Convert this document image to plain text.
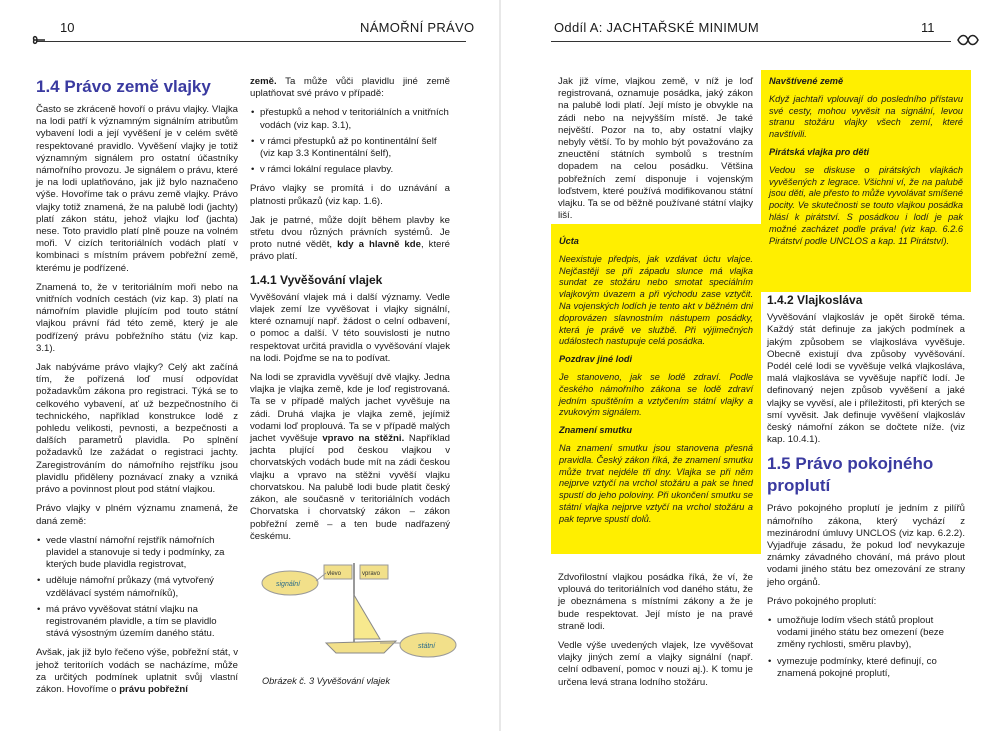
10	NÁMOŘNÍ PRÁVO
1.4 Právo země vlajky

Často se zkráceně hovoří o právu vlajky. Vlajka na lodi patří k významným signálním atributům vybavení lodi a její vyvěšení je v celém světě respektované pravidlo. Vyvěšení vlajky je totiž významným signálem pro ostatní účastníky námořního provozu. Je signálem o právu, které je na lodi uplatňováno, jak již bylo naznačeno výše. Hovoříme tak o právu země vlajky. Právo vlajky totiž znamená, že na palubě lodi (jachty) platí zákon státu, jehož vlajku loď (jachta) nese. Toto pravidlo platí plně pouze na volném moři. V cizích teritoriálních vodách platí v kombinaci s místním právem pobřežní země, kterému je podřízené.

Znamená to, že v teritoriálním moři nebo na vnitřních vodních cestách (viz kap. 3) platí na námořním plavidle plujícím pod touto státní vlajkou právní řád této země, který je ale podřízený právu pobřežního státu (viz kap. 3.1).

Jak nabýváme právo vlajky? Celý akt začíná tím, že pořízená loď musí odpovídat požadavkům zákona pro registraci. Týká se to celkového vybavení, ať už bezpečnostního či technického, například konstrukce lodě z pohledu velikosti, pevnosti, a bezpečnosti a dalších parametrů plavidla. Po splnění požadavků lze zažádat o registraci jachty. Zaregistrováním do námořního rejstříku jsou plavidlu přiděleny poznávací znaky a vzniká právo a povinnost plout pod státní vlajkou.

Právo vlajky v plném významu znamená, že daná země:

• vede vlastní námořní rejstřík námořních plavidel a stanovuje si tedy i podmínky, za kterých bude plavidla registrovat,
• uděluje námořní průkazy (má vytvořený vzdělávací systém námořníků),
• má právo vyvěšovat státní vlajku na registrovaném plavidle, a tím se plavidlo stává výsostným územím daného státu.

Avšak, jak již bylo řečeno výše, pobřežní stát, v jehož teritoriích vodách se nacházíme, může za určitých podmínek uplatnit svůj vlastní zákon. Hovoříme o právu pobřežní

země. Ta může vůči plavidlu jiné země uplatňovat své právo v případě:

• přestupků a nehod v teritoriálních a vnitřních vodách (viz kap. 3.1),
• v rámci přestupků až po kontinentální šelf (viz kap 3.3 Kontinentální šelf),
• v rámci lokální regulace plavby.

Právo vlajky se promítá i do uznávání a platnosti průkazů (viz kap. 1.6).

Jak je patrné, může dojít během plavby ke střetu dvou různých právních systémů. Je proto nutné vědět, kdy a hlavně kde, které právo platí.

1.4.1 Vyvěšování vlajek

Vyvěšování vlajek má i další významy. Vedle vlajek zemí lze vyvěšovat i vlajky signální, které oznamují např. žádost o celní odbavení, o pomoc a další. V této souvislosti je nutno respektovat určitá pravidla o vyvěšování vlajek na lodi. Pojďme se na to podívat.

Na lodi se zpravidla vyvěšují dvě vlajky. Jedna vlajka je vlajka země, kde je loď registrovaná. Ta se v případě malých jachet vyvěšuje na zádi. Druhá vlajka je vlajka země, jejímiž vodami loď proplouvá. Ta se v případě malých jachet vyvěšuje vpravo na stěžni. Například jachta plující pod českou vlajkou v chorvatských vodách bude mít na zádi českou vlajku a vpravo na stěžni vyvěší vlajku chorvatskou. Na palubě lodi bude platit český zákon, ale současně v teritoriálních vodách Chorvatska i chorvatský zákon – zákon pobřežní země – a ten bude nadřazený českému.

vlevo	vpravo
signální
státní
Obrázek č. 3 Vyvěšování vlajek
Oddíl A: JACHTAŘSKÉ MINIMUM	11

Jak již víme, vlajkou země, v níž je loď registrovaná, oznamuje posádka, jaký zákon na palubě lodi platí. Její místo je obvykle na zádi nebo na nejvyšším místě. Je také nejvěští. Pozor na to, aby ostatní vlajky nebyly větší. To by mohlo být považováno za zneuctění státních symbolů s trestním dopadem na celou posádku. Většina pobřežních zemí disponuje i vojenským loďstvem, které používá modifikovanou státní vlajku. Ta se od běžně používané státní vlajky liší.

Úcta

Neexistuje předpis, jak vzdávat úctu vlajce. Nejčastěji se při západu slunce má vlajka sundat ze stožáru nebo smotat speciálním vlajkovým úvazem a při východu zase vztyčit. Na vojenských lodích je tento akt v běžném dni doprovázen slavnostním nástupem posádky, která je právě ve službě. Při výjimečných událostech nastupuje celá posádka.

Pozdrav jiné lodi

Je stanoveno, jak se lodě zdraví. Podle českého námořního zákona se lodě zdraví jedním spuštěním a vztyčením státní vlajky a zvukovým signálem.

Znamení smutku

Na znamení smutku jsou stanovena přesná pravidla. Český zákon říká, že znamení smutku může trvat nejdéle tři dny. Vlajka se při něm nejprve vztyčí na vrchol stožáru a pak se hned spustí do jeho poloviny. Při ukončení smutku se státní vlajka nejprve vztyčí na vrchol stožáru a pak teprve spustí dolů.

Zdvořilostní vlajkou posádka říká, že ví, že vplouvá do teritoriálních vod daného státu, že je obeznámena s místními zákony a že je bude respektovat. Její místo je na pravé straně lodi.

Vedle výše uvedených vlajek, lze vyvěšovat vlajky jiných zemí a vlajky signální (např. celní odbavení, pomoc v nouzi aj.). K tomu je určena levá strana lodního stožáru.

Navštívené země

Když jachtaři vplouvají do posledního přístavu své cesty, mohou vyvěsit na signální, levou stranu stožáru vlajky všech zemí, které navštívili.

Pirátská vlajka pro děti

Vedou se diskuse o pirátských vlajkách vyvěšených z legrace. Všichni ví, že na palubě jsou děti, ale přesto to může vyvolávat smíšené pocity. Ve skutečnosti se touto vlajkou posádka hlásí k pirátství. S posádkou i lodí je pak možné zacházet podle práva! (viz kap. 6.2.6 Pirátství podle UNCLOS a kap. 11 Pirátství).

1.4.2 Vlajkosláva

Vyvěšování vlajkosláv je opět širokě téma. Každý stát definuje za jakých podmínek a jakým způsobem se vlajkosláva vyvěšuje. Obecně existují dva způsoby vyvěšování. Podél celé lodi se vyvěšuje velká vlajkosláva, malá vlajkosláva se vyvěšuje napříč lodí. Je definovaný nejen způsob vyvěšení a jaké vlajky se vyvěsí, ale i příležitosti, při kterých se smí vyvěsit. Jak definuje vyvěšení vlajkosláv český námořní zákon se dočtete níže. (viz kap. 10.4.1).

1.5 Právo pokojného proplutí

Právo pokojného proplutí je jedním z pilířů námořního zákona, který vychází z mezinárodní úmluvy UNCLOS (viz kap. 6.2.2). Vyjadřuje zásadu, že pokud loď nevykazuje známky závadného chování, má právo plout vodami jiného státu bez omezování ze strany jeho orgánů.

Právo pokojného proplutí:

• umožňuje lodím všech států proplout vodami jiného státu bez omezení (beze změny rychlosti, směru plavby),
• vymezuje podmínky, které definují, co znamená pokojné proplutí,
